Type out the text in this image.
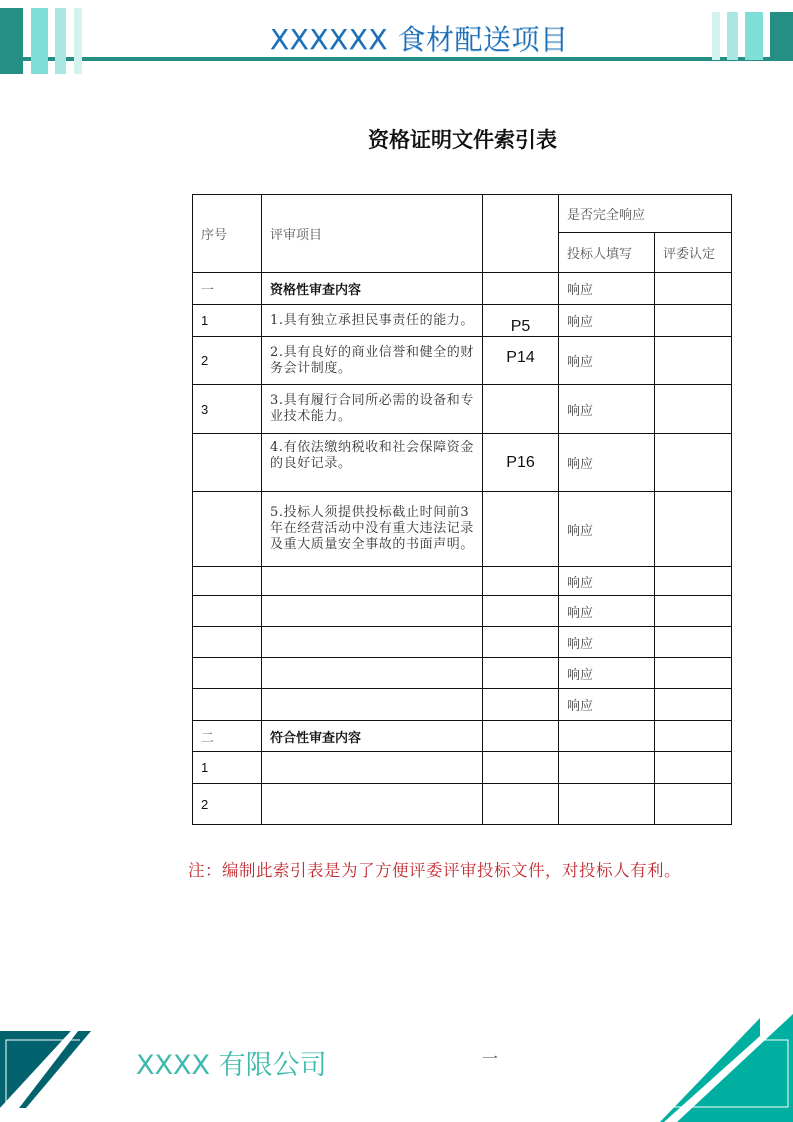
XXXXXX 食材配送项目
资格证明文件索引表
序号	评审项目		是否完全响应	
			投标人填写	评委认定
一	资格性审查内容		响应	
1	1.具有独立承担民事责任的能力。	P5	响应	
2	2.具有良好的商业信誉和健全的财务会计制度。	P14	响应	
3	3.具有履行合同所必需的设备和专业技术能力。		响应	
	4.有依法缴纳税收和社会保障资金的良好记录。	P16	响应	
	5.投标人须提供投标截止时间前3年在经营活动中没有重大违法记录及重大质量安全事故的书面声明。		响应	
			响应	
			响应	
			响应	
			响应	
			响应	
二	符合性审查内容			
1				
2				
注：编制此索引表是为了方便评委评审投标文件，对投标人有利。
XXXX 有限公司	一
